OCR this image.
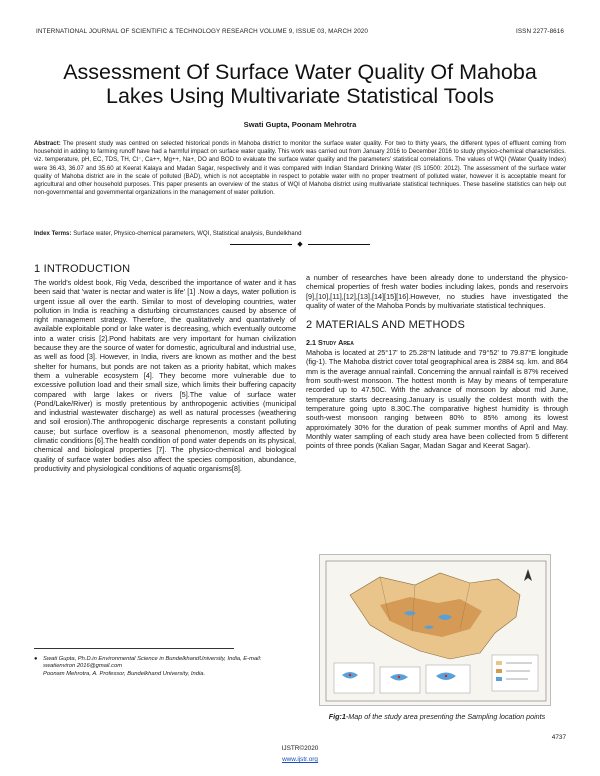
INTERNATIONAL JOURNAL OF SCIENTIFIC & TECHNOLOGY RESEARCH VOLUME 9, ISSUE 03, MARCH 2020	ISSN 2277-8616
Assessment Of Surface Water Quality Of Mahoba
Lakes Using Multivariate Statistical Tools
Swati Gupta, Poonam Mehrotra
Abstract: The present study was centred on selected historical ponds in Mahoba district to monitor the surface water quality. For two to thirty years, the different types of effluent coming from household in adding to farming runoff have had a harmful impact on surface water quality. This work was carried out from January 2016 to December 2016 to study physico-chemical characteristics. viz. temperature, pH, EC, TDS, TH, Cl⁻, Ca++, Mg++, Na+, DO and BOD to evaluate the surface water quality and the parameters' statistical correlations. The values of WQI (Water Quality Index) were 36.43, 36.07 and 35.60 at Keerat Kalaya and Madan Sagar, respectively and it was compared with Indian Standard Drinking Water (IS 10500: 2012). The assessment of the surface water quality of Mahoba district are in the scale of polluted (BAD), which is not acceptable in respect to potable water with no proper treatment of polluted water, however it is acceptable meant for agricultural and other household purposes. This paper presents an overview of the status of WQI of Mahoba district using multivariate statistical techniques. These baseline statistics can help out non-governmental and governmental organizations in the management of water pollution.
Index Terms: Surface water, Physico-chemical parameters, WQI, Statistical analysis, Bundelkhand
◆
1 INTRODUCTION

The world's oldest book, Rig Veda, described the importance of water and it has been said that 'water is nectar and water is life' [1] .Now a days, water pollution is urgent issue all over the earth. Similar to most of developing countries, water pollution in India is reaching a disturbing circumstances caused by absence of right management strategy. Therefore, the qualitatively and quantatively of available exploitable pond or lake water is decreasing, which eventually outcome into a water crisis [2].Pond habitats are very important for human civilization because they are the source of water for domestic, agricultural and industrial use, as well as food [3]. However, in India, rivers are known as mother and the best shelter for humans, but ponds are not taken as a priority habitat, which makes them a vulnerable ecosystem [4]. They become more vulnerable due to excessive pollution load and their small size, which limits their buffering capacity compared with large lakes or rivers [5].The value of surface water (Pond/Lake/River) is mostly pretentious by anthropogenic activities (municipal and industrial wastewater discharge) as well as natural processes (weathering and soil erosion).The anthropogenic discharge represents a constant polluting cause; but surface overflow is a seasonal phenomenon, mostly affected by climatic conditions [6].The health condition of pond water depends on its physical, chemical and biological properties [7]. The physico-chemical and biological quality of surface water bodies also affect the species composition, abundance, productivity and physiological conditions of aquatic organisms[8].

a number of researches have been already done to understand the physico-chemical properties of fresh water bodies including lakes, ponds and reservoirs [9],[10],[11],[12],[13],[14][15][16].However, no studies have investigated the quality of water of the Mahoba Ponds by multivariate statistical techniques.

2 MATERIALS AND METHODS
2.1 Study Area

Mahoba is located at 25°17' to 25.28°N latitude and 79°52' to 79.87°E longitude (fig-1). The Mahoba district cover total geographical area is 2884 sq. km. and 864 mm is the average annual rainfall. Concerning the annual rainfall is 87% received from south-west monsoon. The hottest month is May by means of temperature recorded up to 47.50C. With the advance of monsoon by about mid June, temperature starts decreasing.January is usually the coldest month with the temperature going upto 8.30C.The comparative highest humidity is through south-west monsoon ranging between 80% to 85% among its lowest approximately 30% for the duration of peak summer months of April and May. Monthly water sampling of each study area have been collected from 5 different points of three ponds (Kalian Sagar, Madan Sagar and Keerat Sagar).

Fig:1-Map of the study area presenting the Sampling location points
● Swati Gupta, Ph.D.in Environmental Science in BundelkhandUniversity, India, E-mail: swatienviron 2016@gmail.com
Poonam Mehrotra, A. Professor, Bundelkhand University, India.
4737
IJSTR©2020
www.ijstr.org
